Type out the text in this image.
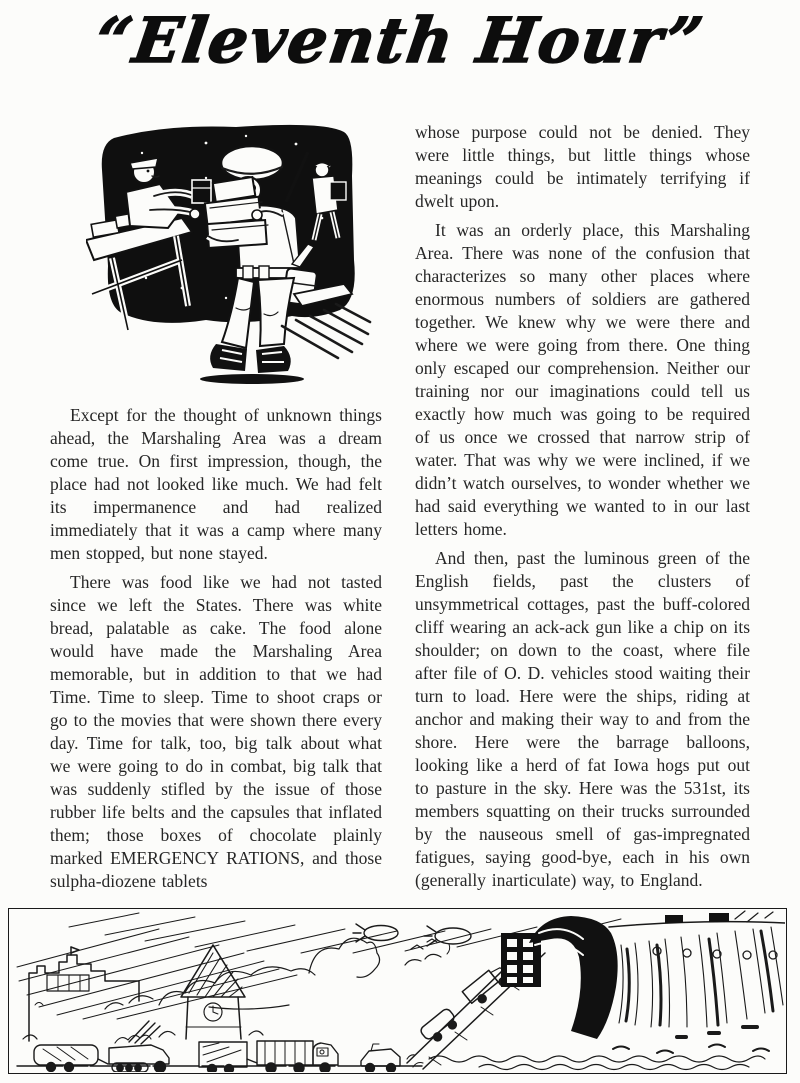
“Eleventh Hour”

Except for the thought of unknown things ahead, the Marshaling Area was a dream come true. On first impression, though, the place had not looked like much. We had felt its impermanence and had realized immediately that it was a camp where many men stopped, but none stayed.

There was food like we had not tasted since we left the States. There was white bread, palatable as cake. The food alone would have made the Marshaling Area memorable, but in addition to that we had Time. Time to sleep. Time to shoot craps or go to the movies that were shown there every day. Time for talk, too, big talk about what we were going to do in combat, big talk that was suddenly stifled by the issue of those rubber life belts and the capsules that inflated them; those boxes of chocolate plainly marked EMERGENCY RATIONS, and those sulpha-diozene tablets

whose purpose could not be denied. They were little things, but little things whose meanings could be intimately terrifying if dwelt upon.

It was an orderly place, this Marshaling Area. There was none of the confusion that characterizes so many other places where enormous numbers of soldiers are gathered together. We knew why we were there and where we were going from there. One thing only escaped our comprehension. Neither our training nor our imaginations could tell us exactly how much was going to be required of us once we crossed that narrow strip of water. That was why we were inclined, if we didn’t watch ourselves, to wonder whether we had said everything we wanted to in our last letters home.

And then, past the luminous green of the English fields, past the clusters of unsymmetrical cottages, past the buff-colored cliff wearing an ack-ack gun like a chip on its shoulder; on down to the coast, where file after file of O. D. vehicles stood waiting their turn to load. Here were the ships, riding at anchor and making their way to and from the shore. Here were the barrage balloons, looking like a herd of fat Iowa hogs put out to pasture in the sky. Here was the 531st, its members squatting on their trucks surrounded by the nauseous smell of gas-impregnated fatigues, saying good-bye, each in his own (generally inarticulate) way, to England.
